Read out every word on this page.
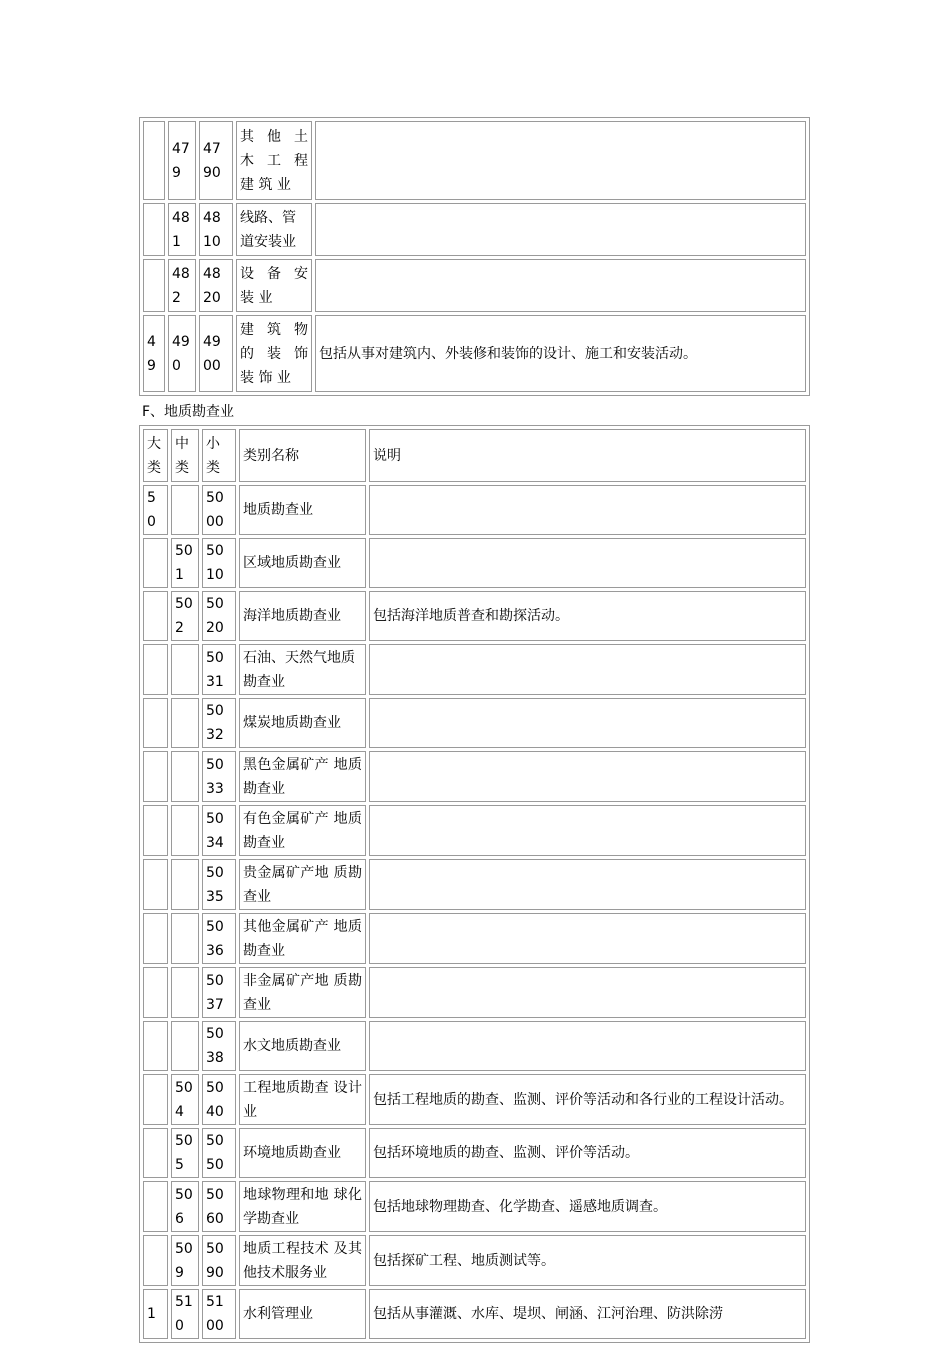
	479	4790	其 他 土 木 工 程 建 筑 业	
	481	4810	线路、管道安装业	
	482	4820	设 备 安 装 业	
49	490	4900	建 筑 物 的 装 饰 装 饰 业	包括从事对建筑内、外装修和装饰的设计、施工和安装活动。
F、地质勘查业
大类	中类	小类	类别名称	说明
50		5000	地质勘查业	
	501	5010	区域地质勘查业	
	502	5020	海洋地质勘查业	包括海洋地质普查和勘探活动。
		5031	石油、天然气地质勘查业	
		5032	煤炭地质勘查业	
		5033	黑色金属矿产 地质勘查业	
		5034	有色金属矿产 地质勘查业	
		5035	贵金属矿产地 质勘查业	
		5036	其他金属矿产 地质勘查业	
		5037	非金属矿产地 质勘查业	
		5038	水文地质勘查业	
	504	5040	工程地质勘查 设计业	包括工程地质的勘查、监测、评价等活动和各行业的工程设计活动。
	505	5050	环境地质勘查业	包括环境地质的勘查、监测、评价等活动。
	506	5060	地球物理和地 球化学勘查业	包括地球物理勘查、化学勘查、遥感地质调查。
	509	5090	地质工程技术 及其他技术服务业	包括探矿工程、地质测试等。
1	510	5100	水利管理业	包括从事灌溉、水库、堤坝、闸涵、江河治理、防洪除涝
